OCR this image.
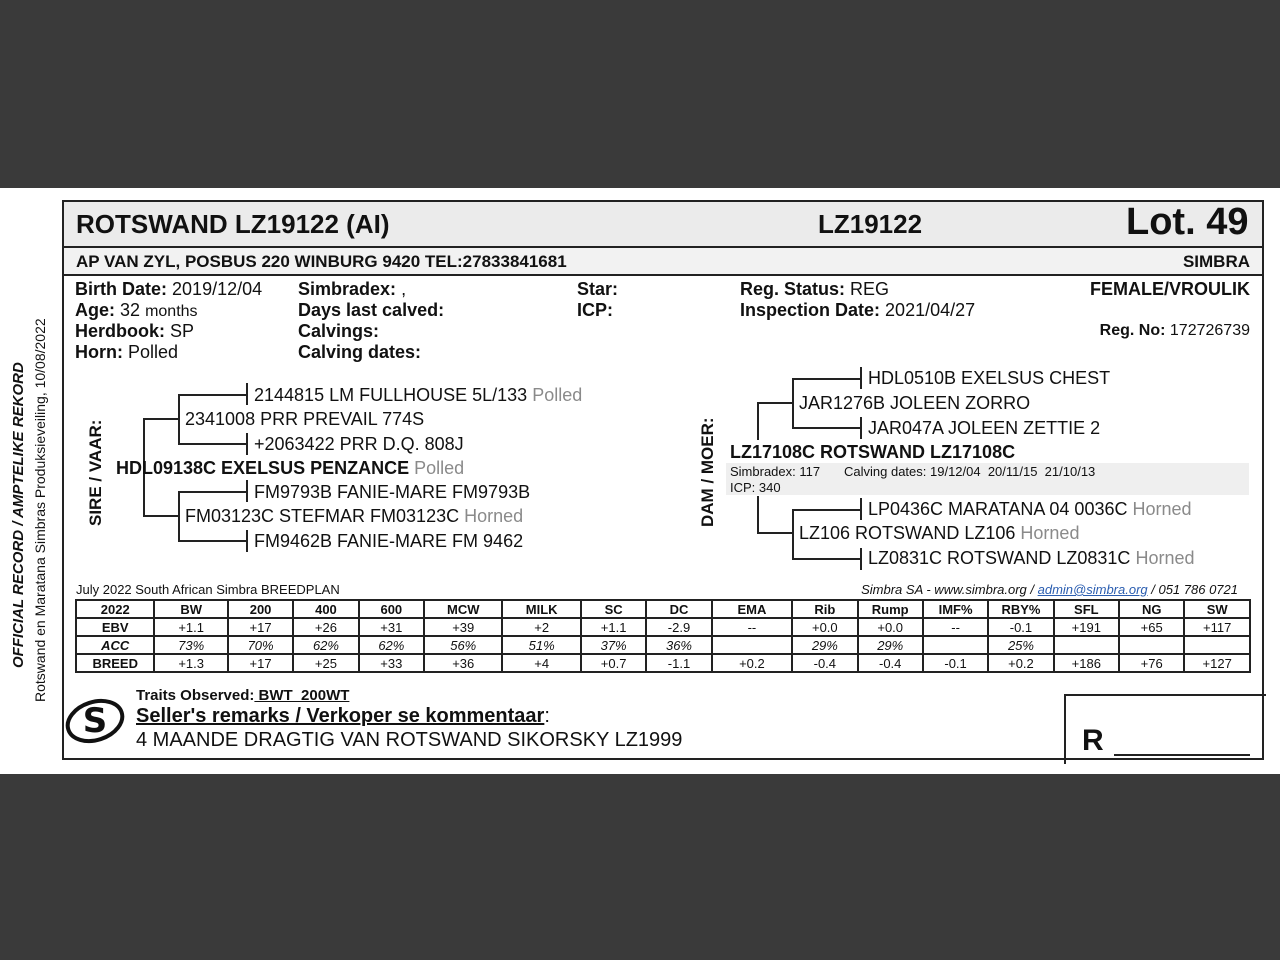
OFFICIAL RECORD / AMPTELIKE REKORD Rotswand en Maratana Simbras Produksieveiling, 10/08/2022
ROTSWAND LZ19122 (AI)	LZ19122	Lot. 49
AP VAN ZYL, POSBUS 220 WINBURG 9420 TEL:27833841681	SIMBRA
Birth Date: 2019/12/04
Age: 32 months
Herdbook: SP
Horn: Polled
Simbradex: ,
Days last calved:
Calvings:
Calving dates:
Star:
ICP:
Reg. Status: REG
Inspection Date: 2021/04/27
FEMALE/VROULIK
Reg. No: 172726739
SIRE / VAAR:
2144815 LM FULLHOUSE 5L/133 Polled
2341008 PRR PREVAIL 774S
+2063422 PRR D.Q. 808J
HDL09138C EXELSUS PENZANCE Polled
FM9793B FANIE-MARE FM9793B
FM03123C STEFMAR FM03123C Horned
FM9462B FANIE-MARE FM 9462
DAM / MOER:
HDL0510B EXELSUS CHEST
JAR1276B JOLEEN ZORRO
JAR047A JOLEEN ZETTIE 2
LZ17108C ROTSWAND LZ17108C
Simbradex: 117 Calving dates: 19/12/04  20/11/15  21/10/13
ICP: 340
LP0436C MARATANA 04 0036C Horned
LZ106 ROTSWAND LZ106 Horned
LZ0831C ROTSWAND LZ0831C Horned
July 2022 South African Simbra BREEDPLAN	Simbra SA - www.simbra.org / admin@simbra.org / 051 786 0721
2022	BW	200	400	600	MCW	MILK	SC	DC	EMA	Rib	Rump	IMF%	RBY%	SFL	NG	SW
EBV	+1.1	+17	+26	+31	+39	+2	+1.1	-2.9	--	+0.0	+0.0	--	-0.1	+191	+65	+117
ACC	73%	70%	62%	62%	56%	51%	37%	36%		29%	29%		25%			
BREED	+1.3	+17	+25	+33	+36	+4	+0.7	-1.1	+0.2	-0.4	-0.4	-0.1	+0.2	+186	+76	+127
S
Traits Observed: BWT  200WT
Seller's remarks / Verkoper se kommentaar:
4 MAANDE DRAGTIG VAN ROTSWAND SIKORSKY LZ1999	R
